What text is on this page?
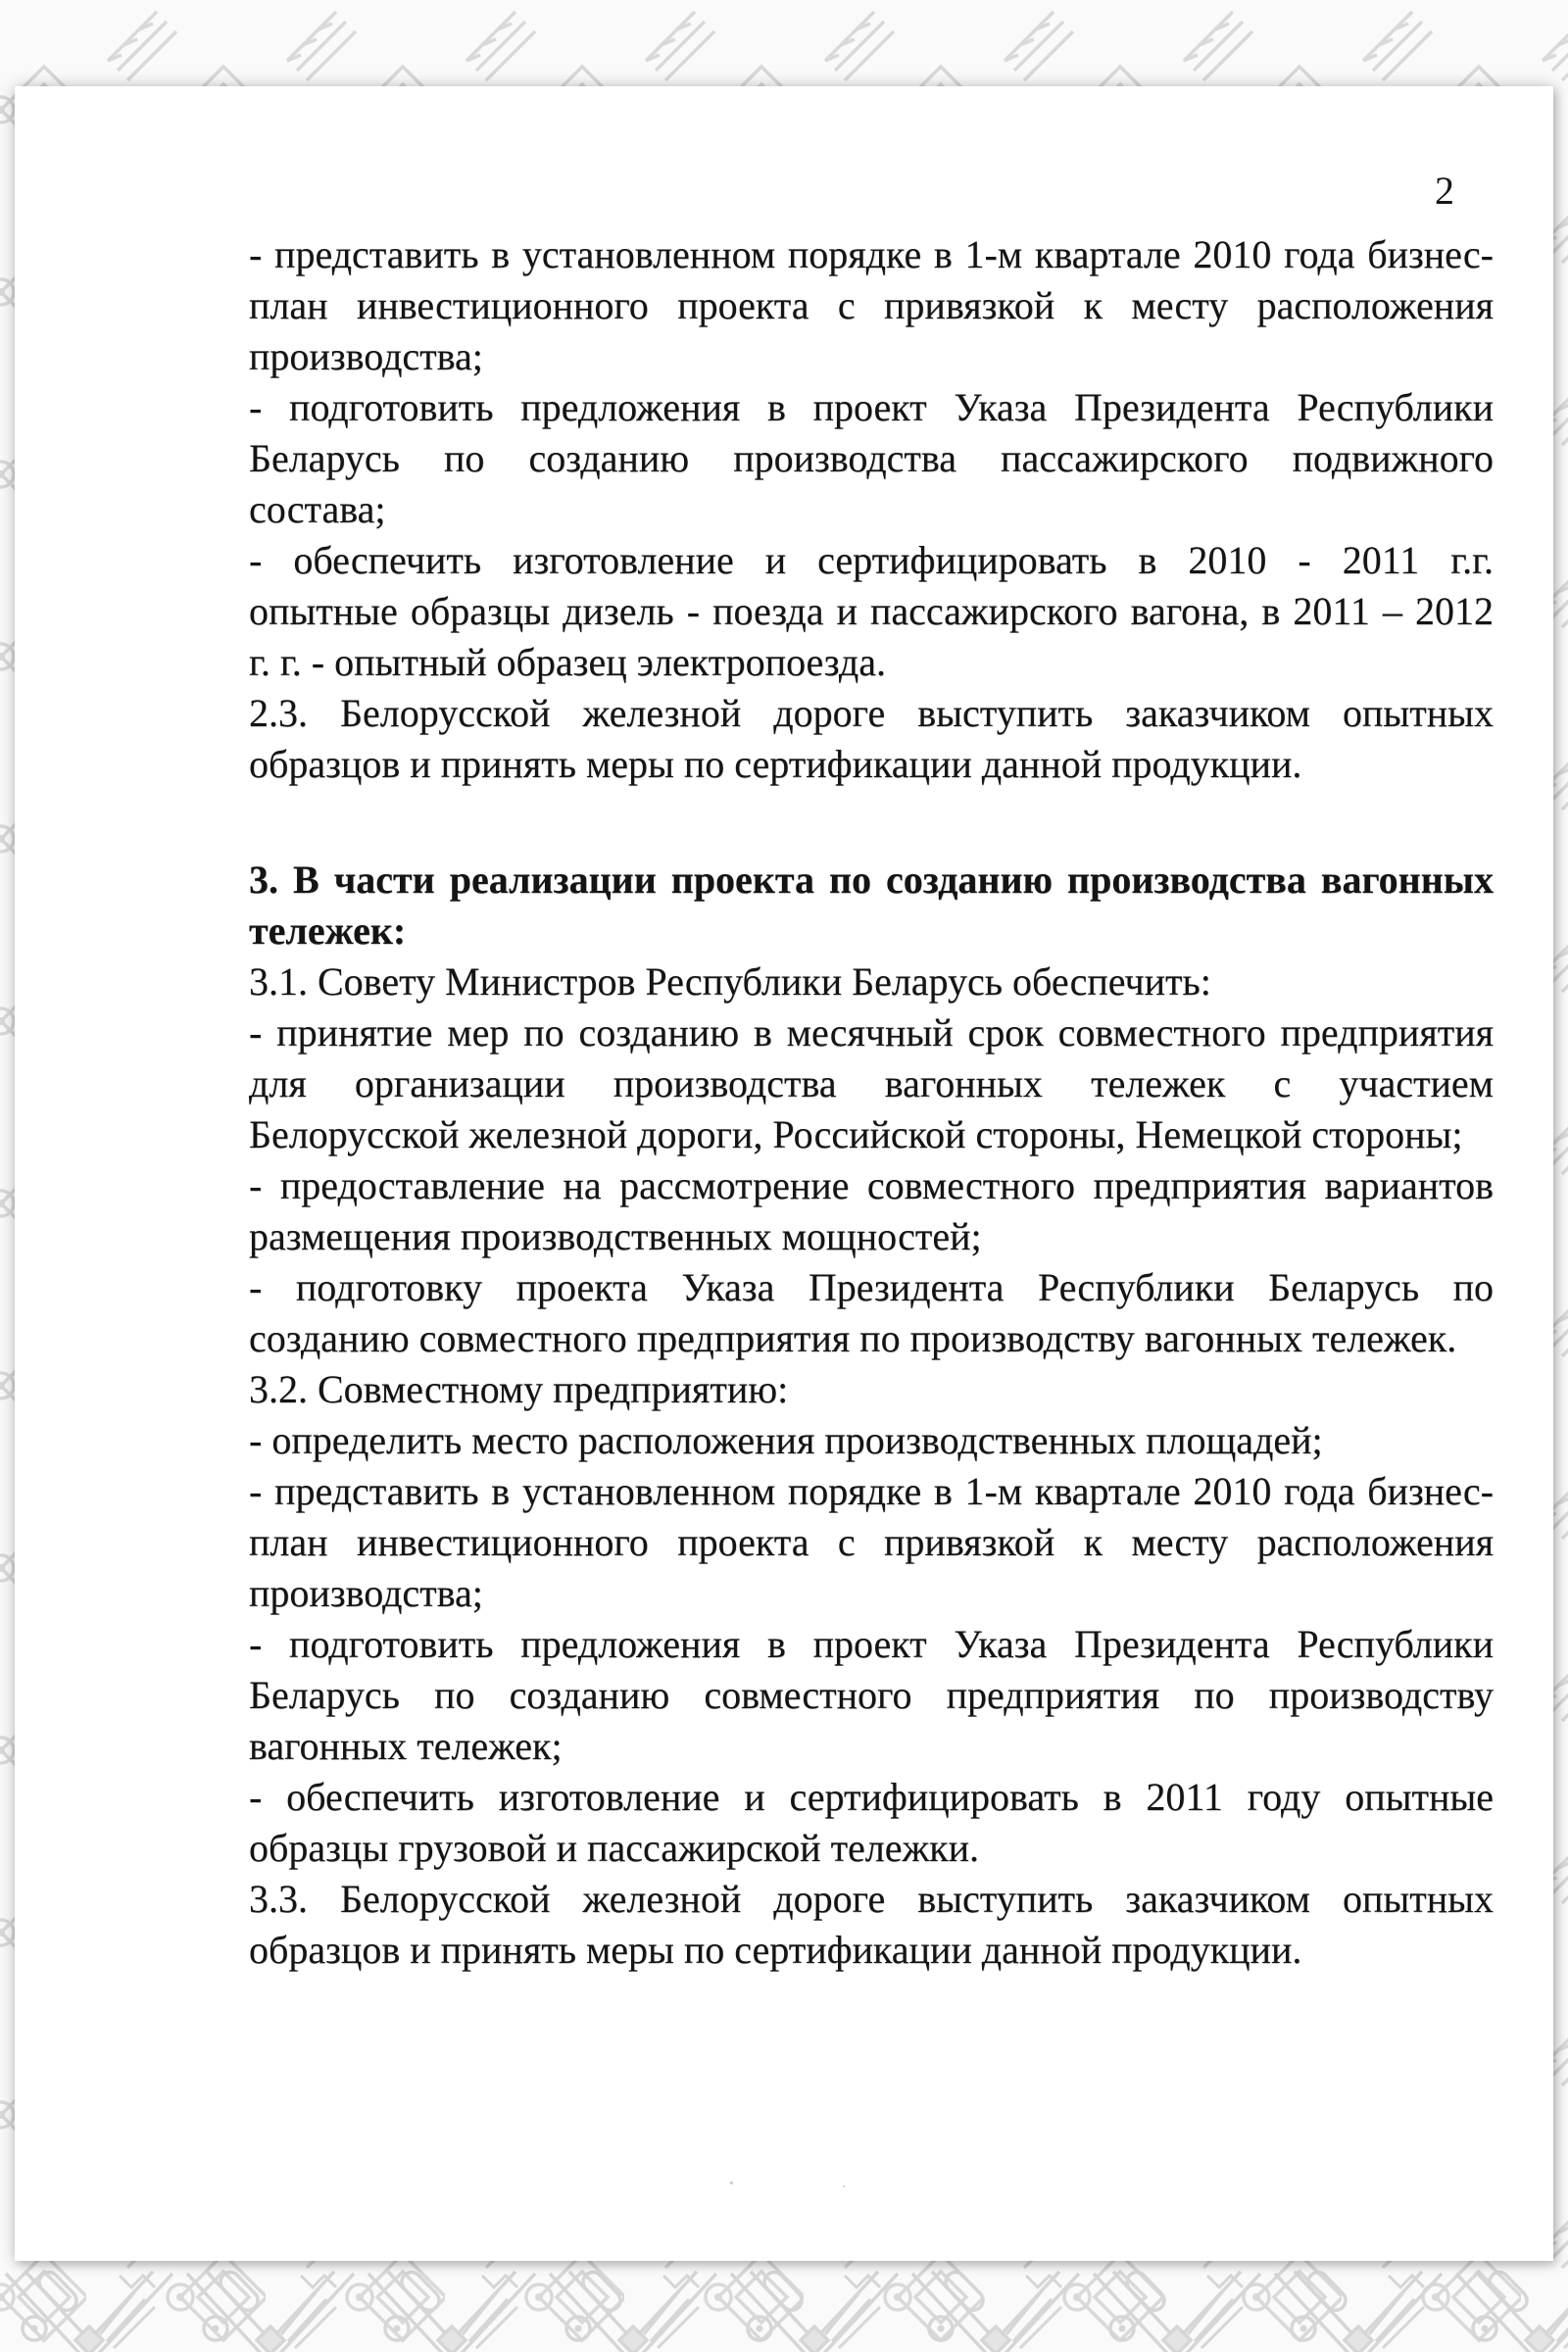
2
- представить в установленном порядке в 1-м квартале 2010 года бизнес-
план инвестиционного проекта с привязкой к месту расположения
производства;
- подготовить предложения в проект Указа Президента Республики
Беларусь по созданию производства пассажирского подвижного
состава;
- обеспечить изготовление и сертифицировать в 2010 - 2011 г.г.
опытные образцы дизель - поезда и пассажирского вагона, в 2011 – 2012
г. г. - опытный образец электропоезда.
2.3. Белорусской железной дороге выступить заказчиком опытных
образцов и принять меры по сертификации данной продукции.
3. В части реализации проекта по созданию производства вагонных
тележек:
3.1. Совету Министров Республики Беларусь обеспечить:
- принятие мер по созданию в месячный срок совместного предприятия
для организации производства вагонных тележек с участием
Белорусской железной дороги, Российской стороны, Немецкой стороны;
- предоставление на рассмотрение совместного предприятия вариантов
размещения производственных мощностей;
- подготовку проекта Указа Президента Республики Беларусь по
созданию совместного предприятия по производству вагонных тележек.
3.2. Совместному предприятию:
- определить место расположения производственных площадей;
- представить в установленном порядке в 1-м квартале 2010 года бизнес-
план инвестиционного проекта с привязкой к месту расположения
производства;
- подготовить предложения в проект Указа Президента Республики
Беларусь по созданию совместного предприятия по производству
вагонных тележек;
- обеспечить изготовление и сертифицировать в 2011 году опытные
образцы грузовой и пассажирской тележки.
3.3. Белорусской железной дороге выступить заказчиком опытных
образцов и принять меры по сертификации данной продукции.
